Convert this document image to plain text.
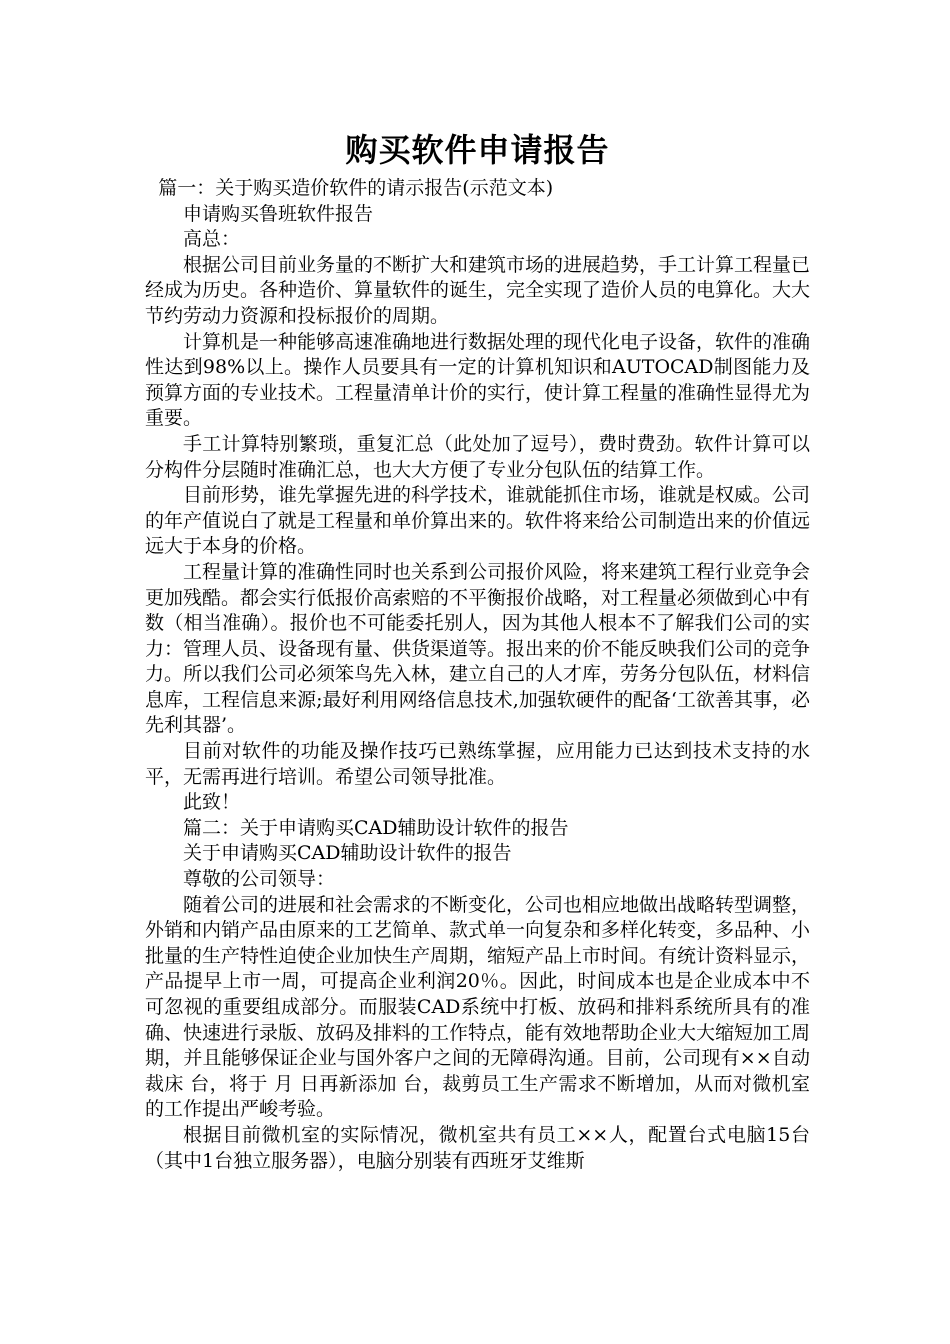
购买软件申请报告

篇一：关于购买造价软件的请示报告(示范文本)

申请购买鲁班软件报告

高总：

根据公司目前业务量的不断扩大和建筑市场的进展趋势，手工计算工程量已经成为历史。各种造价、算量软件的诞生，完全实现了造价人员的电算化。大大节约劳动力资源和投标报价的周期。

计算机是一种能够高速准确地进行数据处理的现代化电子设备，软件的准确性达到98%以上。操作人员要具有一定的计算机知识和AUTOCAD制图能力及预算方面的专业技术。工程量清单计价的实行，使计算工程量的准确性显得尤为重要。

手工计算特别繁琐，重复汇总（此处加了逗号），费时费劲。软件计算可以分构件分层随时准确汇总，也大大方便了专业分包队伍的结算工作。

目前形势，谁先掌握先进的科学技术，谁就能抓住市场，谁就是权威。公司的年产值说白了就是工程量和单价算出来的。软件将来给公司制造出来的价值远远大于本身的价格。

工程量计算的准确性同时也关系到公司报价风险，将来建筑工程行业竞争会更加残酷。都会实行低报价高索赔的不平衡报价战略，对工程量必须做到心中有数（相当准确）。报价也不可能委托别人，因为其他人根本不了解我们公司的实力：管理人员、设备现有量、供货渠道等。报出来的价不能反映我们公司的竞争力。所以我们公司必须笨鸟先入林，建立自己的人才库，劳务分包队伍，材料信息库，工程信息来源;最好利用网络信息技术,加强软硬件的配备‘工欲善其事，必先利其器’。

目前对软件的功能及操作技巧已熟练掌握，应用能力已达到技术支持的水平，无需再进行培训。希望公司领导批准。

此致！

篇二：关于申请购买CAD辅助设计软件的报告

关于申请购买CAD辅助设计软件的报告

尊敬的公司领导：

随着公司的进展和社会需求的不断变化，公司也相应地做出战略转型调整，外销和内销产品由原来的工艺简单、款式单一向复杂和多样化转变，多品种、小批量的生产特性迫使企业加快生产周期，缩短产品上市时间。有统计资料显示，产品提早上市一周，可提高企业利润20％。因此，时间成本也是企业成本中不可忽视的重要组成部分。而服装CAD系统中打板、放码和排料系统所具有的准确、快速进行录版、放码及排料的工作特点，能有效地帮助企业大大缩短加工周期，并且能够保证企业与国外客户之间的无障碍沟通。目前，公司现有××自动裁床 台，将于 月 日再新添加 台，裁剪员工生产需求不断增加，从而对微机室的工作提出严峻考验。

根据目前微机室的实际情况，微机室共有员工××人，配置台式电脑15台（其中1台独立服务器），电脑分别装有西班牙艾维斯
